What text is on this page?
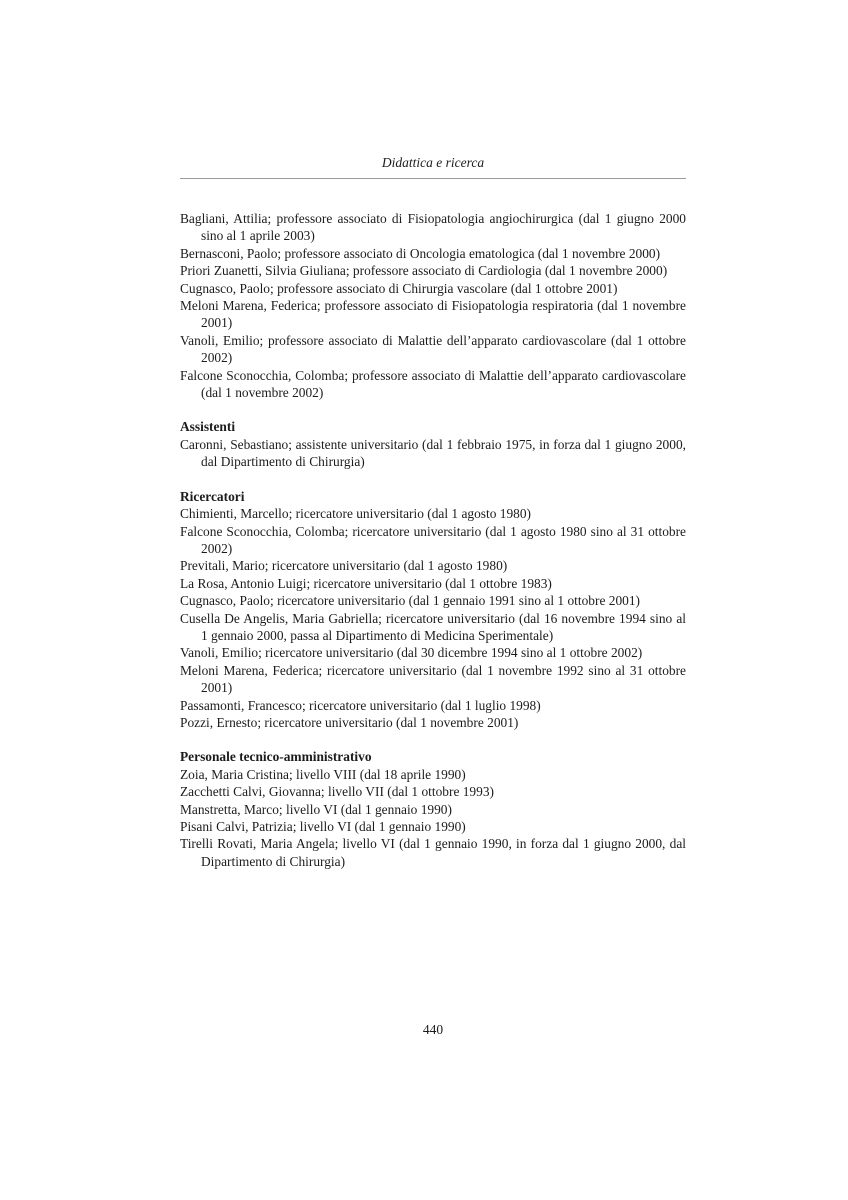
Didattica e ricerca

Bagliani, Attilia; professore associato di Fisiopatologia angiochirurgica (dal 1 giugno 2000 sino al 1 aprile 2003)

Bernasconi, Paolo; professore associato di Oncologia ematologica (dal 1 novembre 2000)

Priori Zuanetti, Silvia Giuliana; professore associato di Cardiologia (dal 1 novembre 2000)

Cugnasco, Paolo; professore associato di Chirurgia vascolare (dal 1 ottobre 2001)

Meloni Marena, Federica; professore associato di Fisiopatologia respiratoria (dal 1 novembre 2001)

Vanoli, Emilio; professore associato di Malattie dell’apparato cardiovascolare (dal 1 ottobre 2002)

Falcone Sconocchia, Colomba; professore associato di Malattie dell’apparato cardiovascolare (dal 1 novembre 2002)

Assistenti

Caronni, Sebastiano; assistente universitario (dal 1 febbraio 1975, in forza dal 1 giugno 2000, dal Dipartimento di Chirurgia)

Ricercatori

Chimienti, Marcello; ricercatore universitario (dal 1 agosto 1980)

Falcone Sconocchia, Colomba; ricercatore universitario (dal 1 agosto 1980 sino al 31 ottobre 2002)

Previtali, Mario; ricercatore universitario (dal 1 agosto 1980)

La Rosa, Antonio Luigi; ricercatore universitario (dal 1 ottobre 1983)

Cugnasco, Paolo; ricercatore universitario (dal 1 gennaio 1991 sino al 1 ottobre 2001)

Cusella De Angelis, Maria Gabriella; ricercatore universitario (dal 16 novembre 1994 sino al 1 gennaio 2000, passa al Dipartimento di Medicina Sperimentale)

Vanoli, Emilio; ricercatore universitario (dal 30 dicembre 1994 sino al 1 ottobre 2002)

Meloni Marena, Federica; ricercatore universitario (dal 1 novembre 1992 sino al 31 ottobre 2001)

Passamonti, Francesco; ricercatore universitario (dal 1 luglio 1998)

Pozzi, Ernesto; ricercatore universitario (dal 1 novembre 2001)

Personale tecnico-amministrativo

Zoia, Maria Cristina; livello VIII (dal 18 aprile 1990)

Zacchetti Calvi, Giovanna; livello VII (dal 1 ottobre 1993)

Manstretta, Marco; livello VI (dal 1 gennaio 1990)

Pisani Calvi, Patrizia; livello VI (dal 1 gennaio 1990)

Tirelli Rovati, Maria Angela; livello VI (dal 1 gennaio 1990, in forza dal 1 giugno 2000, dal Dipartimento di Chirurgia)

440
